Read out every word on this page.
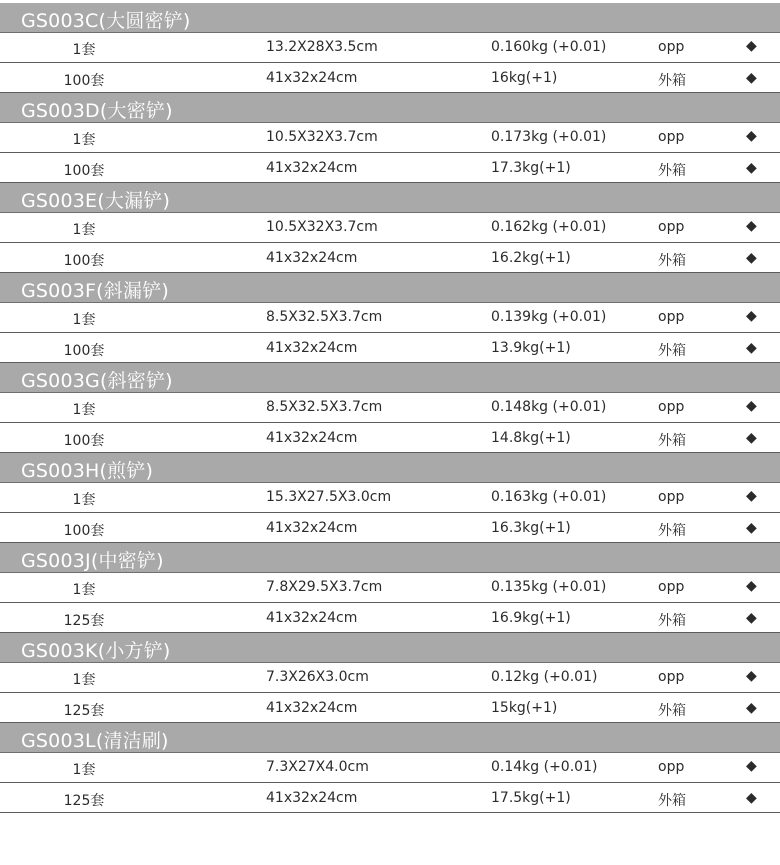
GS003C(大圆密铲)
1套	13.2X28X3.5cm	0.160kg (+0.01)	opp	◆
100套	41x32x24cm	16kg(+1)	外箱	◆
GS003D(大密铲)
1套	10.5X32X3.7cm	0.173kg (+0.01)	opp	◆
100套	41x32x24cm	17.3kg(+1)	外箱	◆
GS003E(大漏铲)
1套	10.5X32X3.7cm	0.162kg (+0.01)	opp	◆
100套	41x32x24cm	16.2kg(+1)	外箱	◆
GS003F(斜漏铲)
1套	8.5X32.5X3.7cm	0.139kg (+0.01)	opp	◆
100套	41x32x24cm	13.9kg(+1)	外箱	◆
GS003G(斜密铲)
1套	8.5X32.5X3.7cm	0.148kg (+0.01)	opp	◆
100套	41x32x24cm	14.8kg(+1)	外箱	◆
GS003H(煎铲)
1套	15.3X27.5X3.0cm	0.163kg (+0.01)	opp	◆
100套	41x32x24cm	16.3kg(+1)	外箱	◆
GS003J(中密铲)
1套	7.8X29.5X3.7cm	0.135kg (+0.01)	opp	◆
125套	41x32x24cm	16.9kg(+1)	外箱	◆
GS003K(小方铲)
1套	7.3X26X3.0cm	0.12kg (+0.01)	opp	◆
125套	41x32x24cm	15kg(+1)	外箱	◆
GS003L(清洁刷)
1套	7.3X27X4.0cm	0.14kg (+0.01)	opp	◆
125套	41x32x24cm	17.5kg(+1)	外箱	◆
